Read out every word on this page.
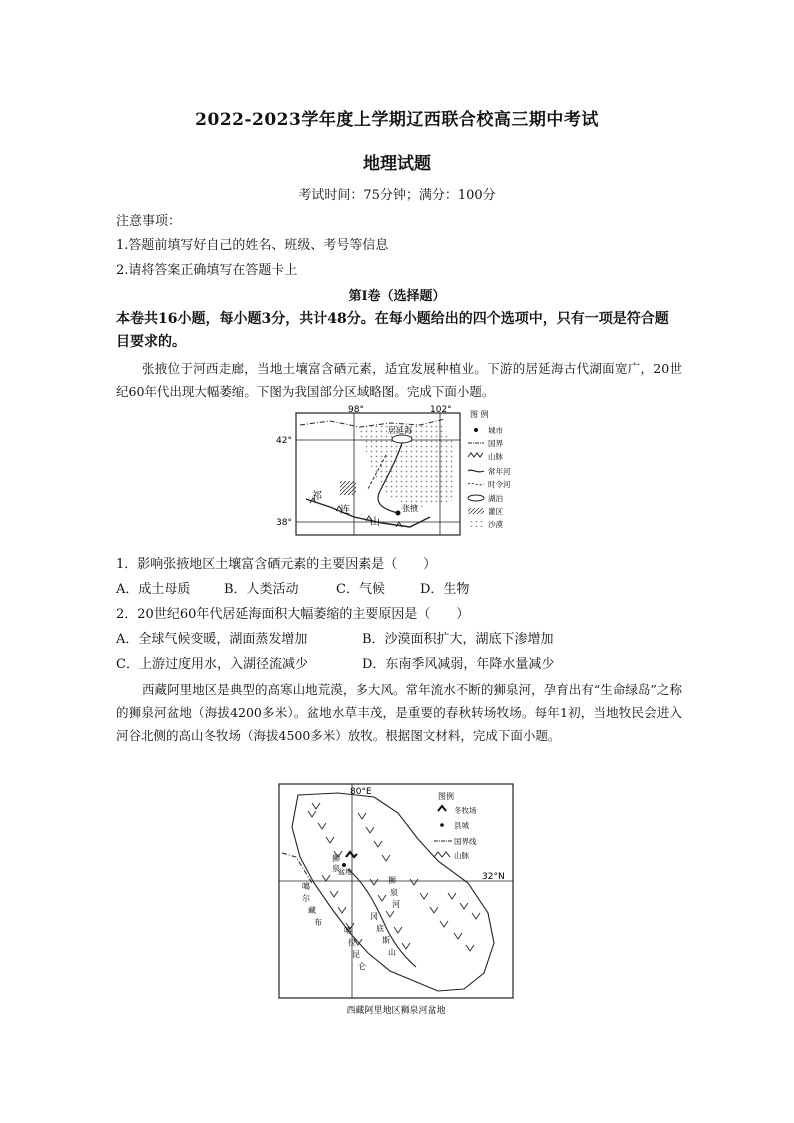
2022-2023学年度上学期辽西联合校高三期中考试
地理试题
考试时间：75分钟；满分：100分
注意事项：
1.答题前填写好自己的姓名、班级、考号等信息
2.请将答案正确填写在答题卡上
第I卷（选择题）
本卷共16小题，每小题3分，共计48分。在每小题给出的四个选项中，只有一项是符合题目要求的。
张掖位于河西走廊，当地土壤富含硒元素，适宜发展种植业。下游的居延海古代湖面宽广，20世纪60年代出现大幅萎缩。下图为我国部分区域略图。完成下面小题。
98°	102°
42°
38°
居延海
张掖
祁
连
山
图 例
城市
国界
山脉
常年河
时令河
湖泊
灌区
沙漠
1．影响张掖地区土壤富含硒元素的主要因素是（　　）
A．成土母质	B．人类活动	C．气候	D．生物
2．20世纪60年代居延海面积大幅萎缩的主要原因是（　　）
A．全球气候变暖，湖面蒸发增加	B．沙漠面积扩大，湖底下渗增加
C．上游过度用水，入湖径流减少	D．东南季风减弱，年降水量减少
西藏阿里地区是典型的高寒山地荒漠，多大风。常年流水不断的狮泉河，孕育出有“生命绿岛”之称的狮泉河盆地（海拔4200多米）。盆地水草丰茂，是重要的春秋转场牧场。每年1初，当地牧民会进入河谷北侧的高山冬牧场（海拔4500多米）放牧。根据图文材料，完成下面小题。
80°E
32°N
狮
泉
盆地
噶
尔
藏
布
冈
底
斯
山
狮
泉
河
喀
拉
昆
仑
图例
冬牧场
县城
国界线
山脉
西藏阿里地区狮泉河盆地
